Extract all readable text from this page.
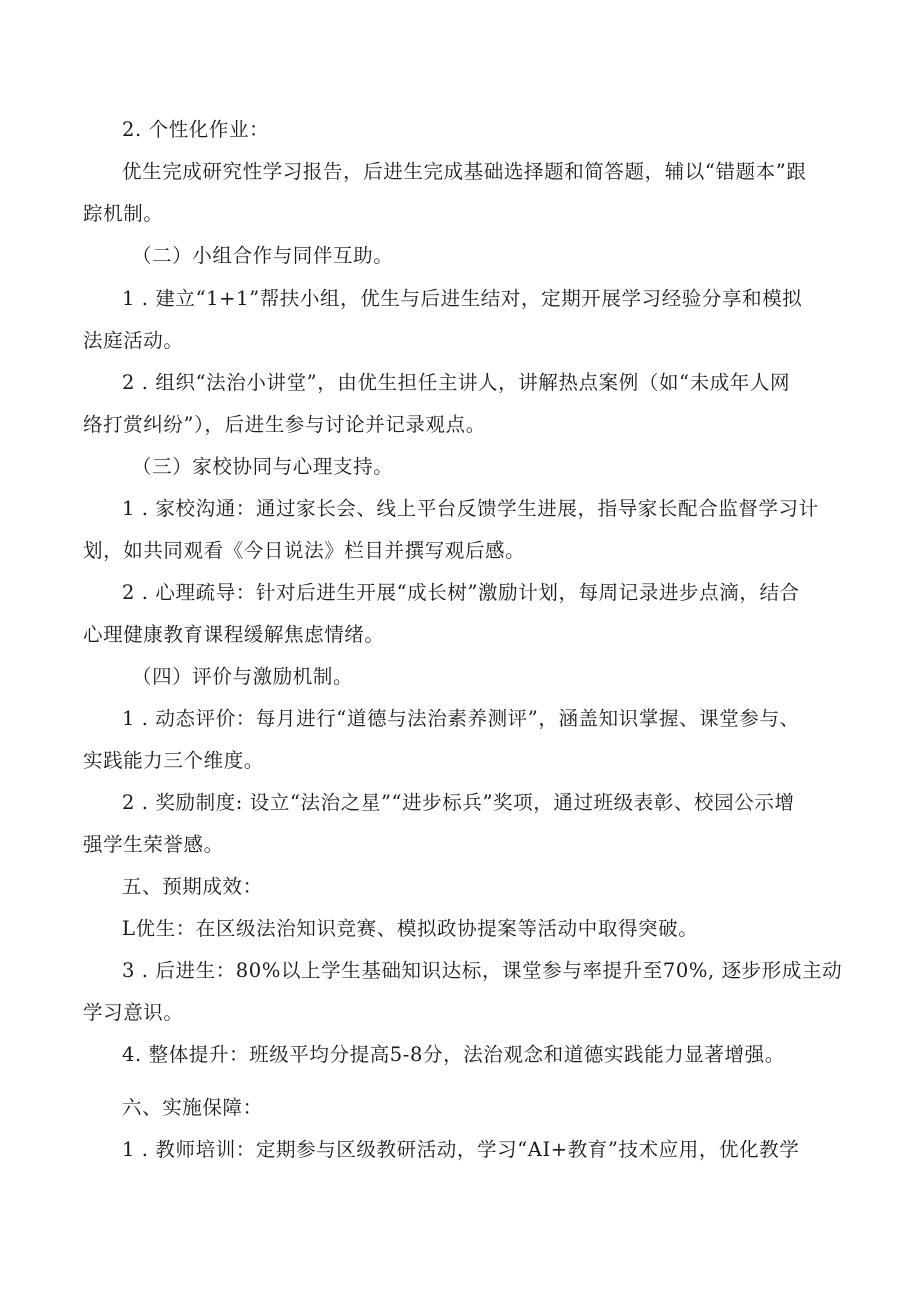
2. 个性化作业：
优生完成研究性学习报告，后进生完成基础选择题和简答题，辅以“错题本”跟
踪机制。
（二）小组合作与同伴互助。
1 . 建立“1+1”帮扶小组，优生与后进生结对，定期开展学习经验分享和模拟
法庭活动。
2 . 组织“法治小讲堂”，由优生担任主讲人，讲解热点案例（如“未成年人网
络打赏纠纷”），后进生参与讨论并记录观点。
（三）家校协同与心理支持。
1 . 家校沟通：通过家长会、线上平台反馈学生进展，指导家长配合监督学习计
划，如共同观看《今日说法》栏目并撰写观后感。
2 . 心理疏导：针对后进生开展“成长树”激励计划，每周记录进步点滴，结合
心理健康教育课程缓解焦虑情绪。
（四）评价与激励机制。
1 . 动态评价：每月进行“道德与法治素养测评”，涵盖知识掌握、课堂参与、
实践能力三个维度。
2 . 奖励制度: 设立“法治之星”“进步标兵”奖项，通过班级表彰、校园公示增
强学生荣誉感。
五、预期成效：
L优生：在区级法治知识竞赛、模拟政协提案等活动中取得突破。
3 . 后进生：80%以上学生基础知识达标，课堂参与率提升至70%, 逐步形成主动
学习意识。
4. 整体提升：班级平均分提高5-8分，法治观念和道德实践能力显著增强。
六、实施保障：
1 . 教师培训：定期参与区级教研活动，学习“AI+教育”技术应用，优化教学
